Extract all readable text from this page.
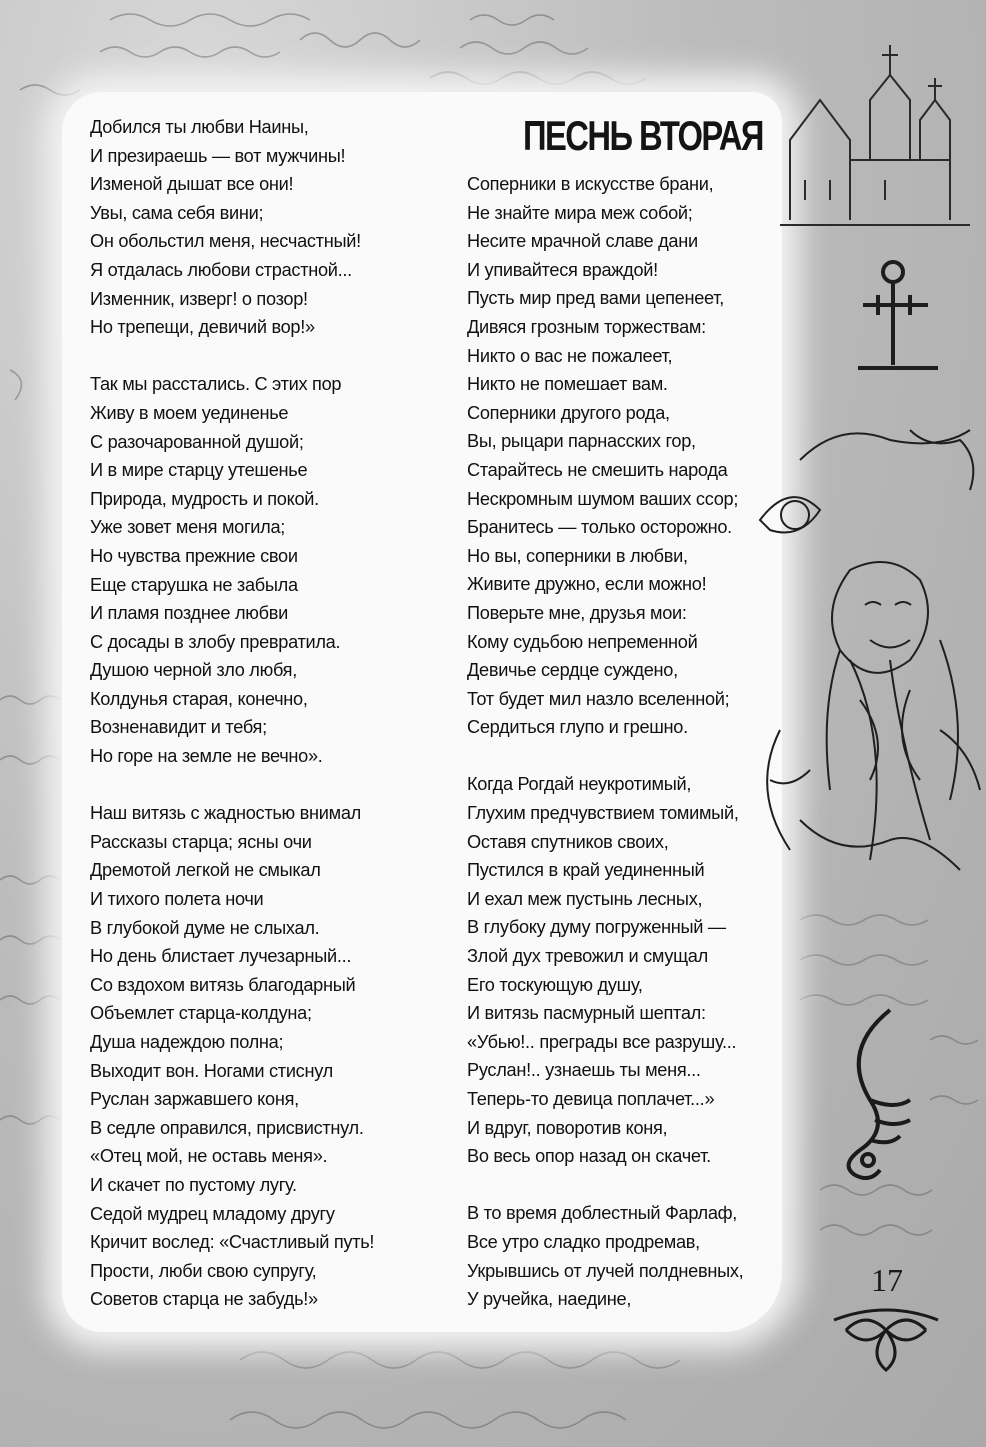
ПЕСНЬ ВТОРАЯ
Добился ты любви Наины,
И презираешь — вот мужчины!
Изменой дышат все они!
Увы, сама себя вини;
Он обольстил меня, несчастный!
Я отдалась любови страстной...
Изменник, изверг! о позор!
Но трепещи, девичий вор!»
Так мы расстались. С этих пор
Живу в моем уединенье
С разочарованной душой;
И в мире старцу утешенье
Природа, мудрость и покой.
Уже зовет меня могила;
Но чувства прежние свои
Еще старушка не забыла
И пламя позднее любви
С досады в злобу превратила.
Душою черной зло любя,
Колдунья старая, конечно,
Возненавидит и тебя;
Но горе на земле не вечно».
Наш витязь с жадностью внимал
Рассказы старца; ясны очи
Дремотой легкой не смыкал
И тихого полета ночи
В глубокой думе не слыхал.
Но день блистает лучезарный...
Со вздохом витязь благодарный
Объемлет старца-колдуна;
Душа надеждою полна;
Выходит вон. Ногами стиснул
Руслан заржавшего коня,
В седле оправился, присвистнул.
«Отец мой, не оставь меня».
И скачет по пустому лугу.
Седой мудрец младому другу
Кричит вослед: «Счастливый путь!
Прости, люби свою супругу,
Советов старца не забудь!»
Соперники в искусстве брани,
Не знайте мира меж собой;
Несите мрачной славе дани
И упивайтеся враждой!
Пусть мир пред вами цепенеет,
Дивяся грозным торжествам:
Никто о вас не пожалеет,
Никто не помешает вам.
Соперники другого рода,
Вы, рыцари парнасских гор,
Старайтесь не смешить народа
Нескромным шумом ваших ссор;
Бранитесь — только осторожно.
Но вы, соперники в любви,
Живите дружно, если можно!
Поверьте мне, друзья мои:
Кому судьбою непременной
Девичье сердце суждено,
Тот будет мил назло вселенной;
Сердиться глупо и грешно.
Когда Рогдай неукротимый,
Глухим предчувствием томимый,
Оставя спутников своих,
Пустился в край уединенный
И ехал меж пустынь лесных,
В глубоку думу погруженный —
Злой дух тревожил и смущал
Его тоскующую душу,
И витязь пасмурный шептал:
«Убью!.. преграды все разрушу...
Руслан!.. узнаешь ты меня...
Теперь-то девица поплачет...»
И вдруг, поворотив коня,
Во весь опор назад он скачет.
В то время доблестный Фарлаф,
Все утро сладко продремав,
Укрывшись от лучей полдневных,
У ручейка, наедине,
17
